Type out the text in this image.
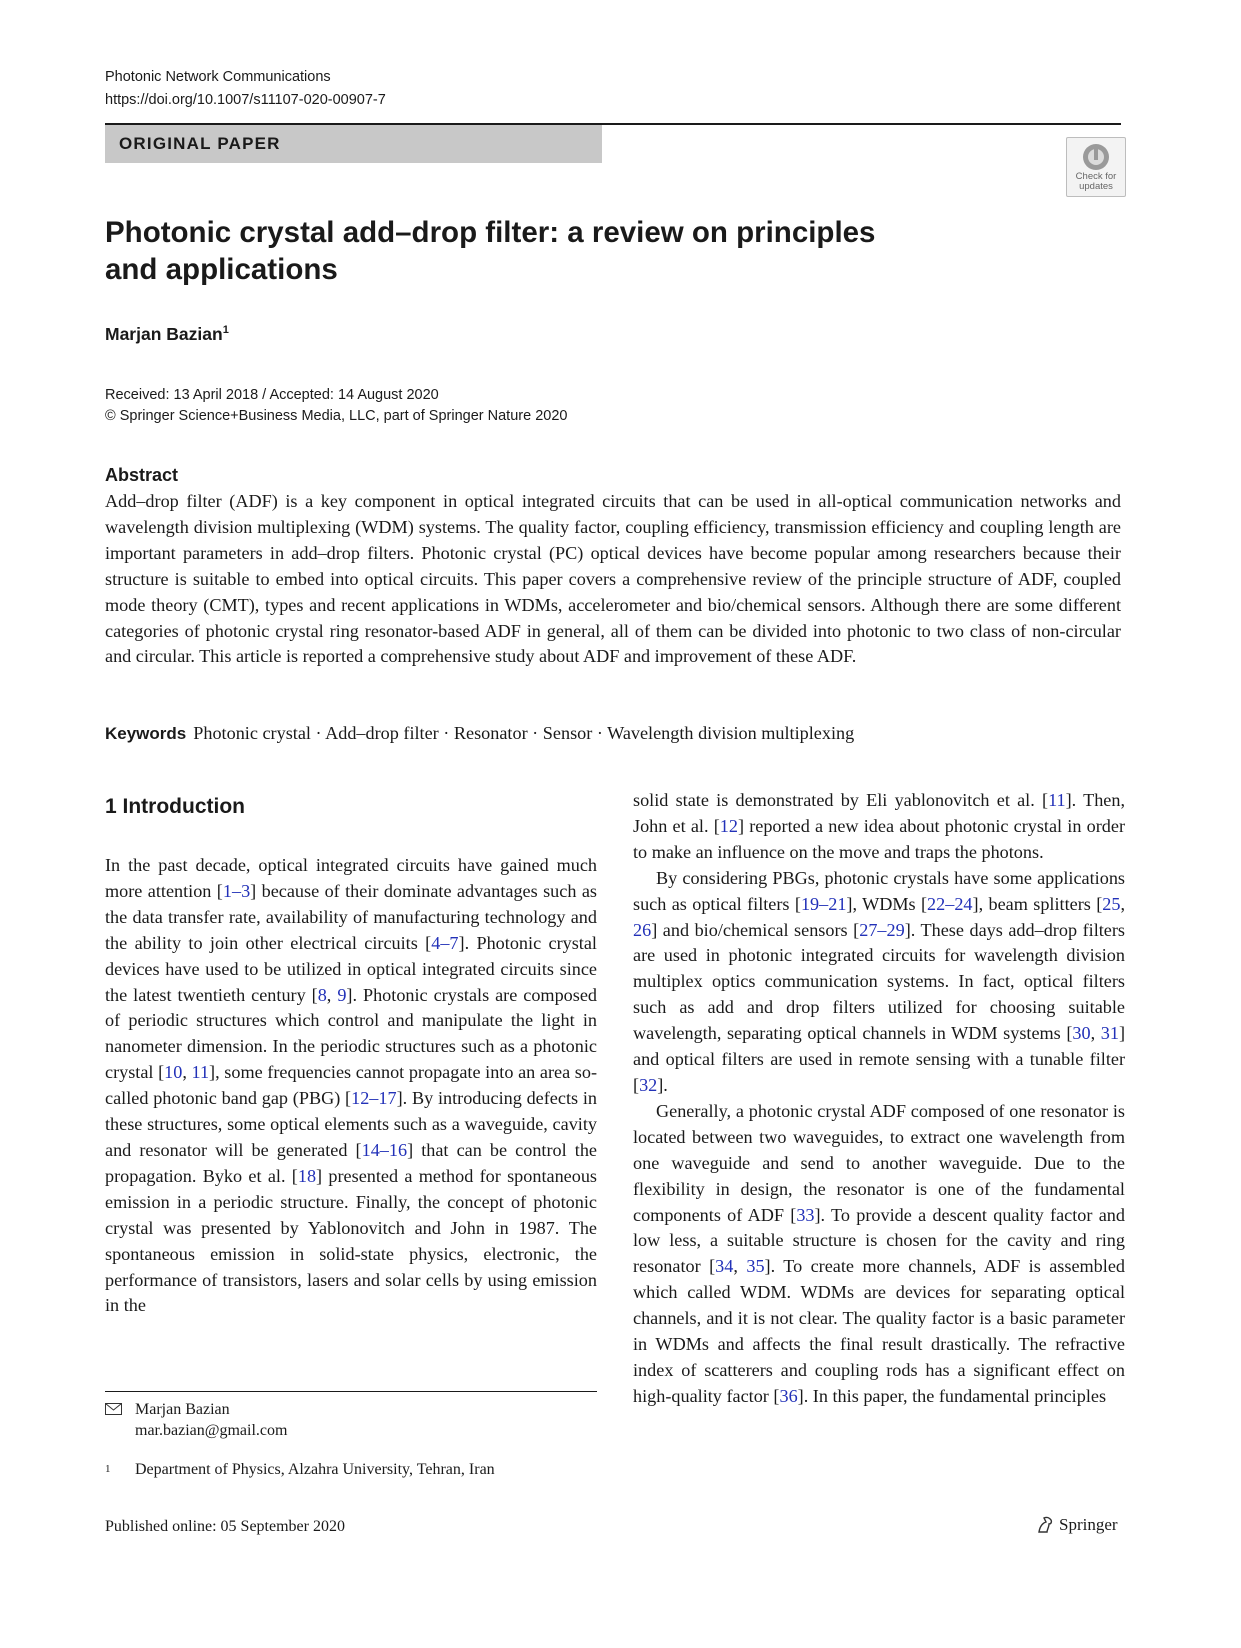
Photonic Network Communications
https://doi.org/10.1007/s11107-020-00907-7
ORIGINAL PAPER
Check for
updates
Photonic crystal add–drop filter: a review on principles
and applications
Marjan Bazian$^1$
Received: 13 April 2018 / Accepted: 14 August 2020
© Springer Science+Business Media, LLC, part of Springer Nature 2020
Abstract

Add–drop filter (ADF) is a key component in optical integrated circuits that can be used in all-optical communication networks and wavelength division multiplexing (WDM) systems. The quality factor, coupling efficiency, transmission efficiency and coupling length are important parameters in add–drop filters. Photonic crystal (PC) optical devices have become popular among researchers because their structure is suitable to embed into optical circuits. This paper covers a comprehensive review of the principle structure of ADF, coupled mode theory (CMT), types and recent applications in WDMs, accelerometer and bio/chemical sensors. Although there are some different categories of photonic crystal ring resonator-based ADF in general, all of them can be divided into photonic to two class of non-circular and circular. This article is reported a comprehensive study about ADF and improvement of these ADF.

Keywords Photonic crystal · Add–drop filter · Resonator · Sensor · Wavelength division multiplexing
1 Introduction

In the past decade, optical integrated circuits have gained much more attention [1–3] because of their dominate advantages such as the data transfer rate, availability of manufacturing technology and the ability to join other electrical circuits [4–7]. Photonic crystal devices have used to be utilized in optical integrated circuits since the latest twentieth century [8, 9]. Photonic crystals are composed of periodic structures which control and manipulate the light in nanometer dimension. In the periodic structures such as a photonic crystal [10, 11], some frequencies cannot propagate into an area so-called photonic band gap (PBG) [12–17]. By introducing defects in these structures, some optical elements such as a waveguide, cavity and resonator will be generated [14–16] that can be control the propagation. Byko et al. [18] presented a method for spontaneous emission in a periodic structure. Finally, the concept of photonic crystal was presented by Yablonovitch and John in 1987. The spontaneous emission in solid-state physics, electronic, the performance of transistors, lasers and solar cells by using emission in the

solid state is demonstrated by Eli yablonovitch et al. [11]. Then, John et al. [12] reported a new idea about photonic crystal in order to make an influence on the move and traps the photons.

By considering PBGs, photonic crystals have some applications such as optical filters [19–21], WDMs [22–24], beam splitters [25, 26] and bio/chemical sensors [27–29]. These days add–drop filters are used in photonic integrated circuits for wavelength division multiplex optics communication systems. In fact, optical filters such as add and drop filters utilized for choosing suitable wavelength, separating optical channels in WDM systems [30, 31] and optical filters are used in remote sensing with a tunable filter [32].

Generally, a photonic crystal ADF composed of one resonator is located between two waveguides, to extract one wavelength from one waveguide and send to another waveguide. Due to the flexibility in design, the resonator is one of the fundamental components of ADF [33]. To provide a descent quality factor and low less, a suitable structure is chosen for the cavity and ring resonator [34, 35]. To create more channels, ADF is assembled which called WDM. WDMs are devices for separating optical channels, and it is not clear. The quality factor is a basic parameter in WDMs and affects the final result drastically. The refractive index of scatterers and coupling rods has a significant effect on high-quality factor [36]. In this paper, the fundamental principles

Marjan Bazian
mar.bazian@gmail.com
1 Department of Physics, Alzahra University, Tehran, Iran
Published online: 05 September 2020	Springer
